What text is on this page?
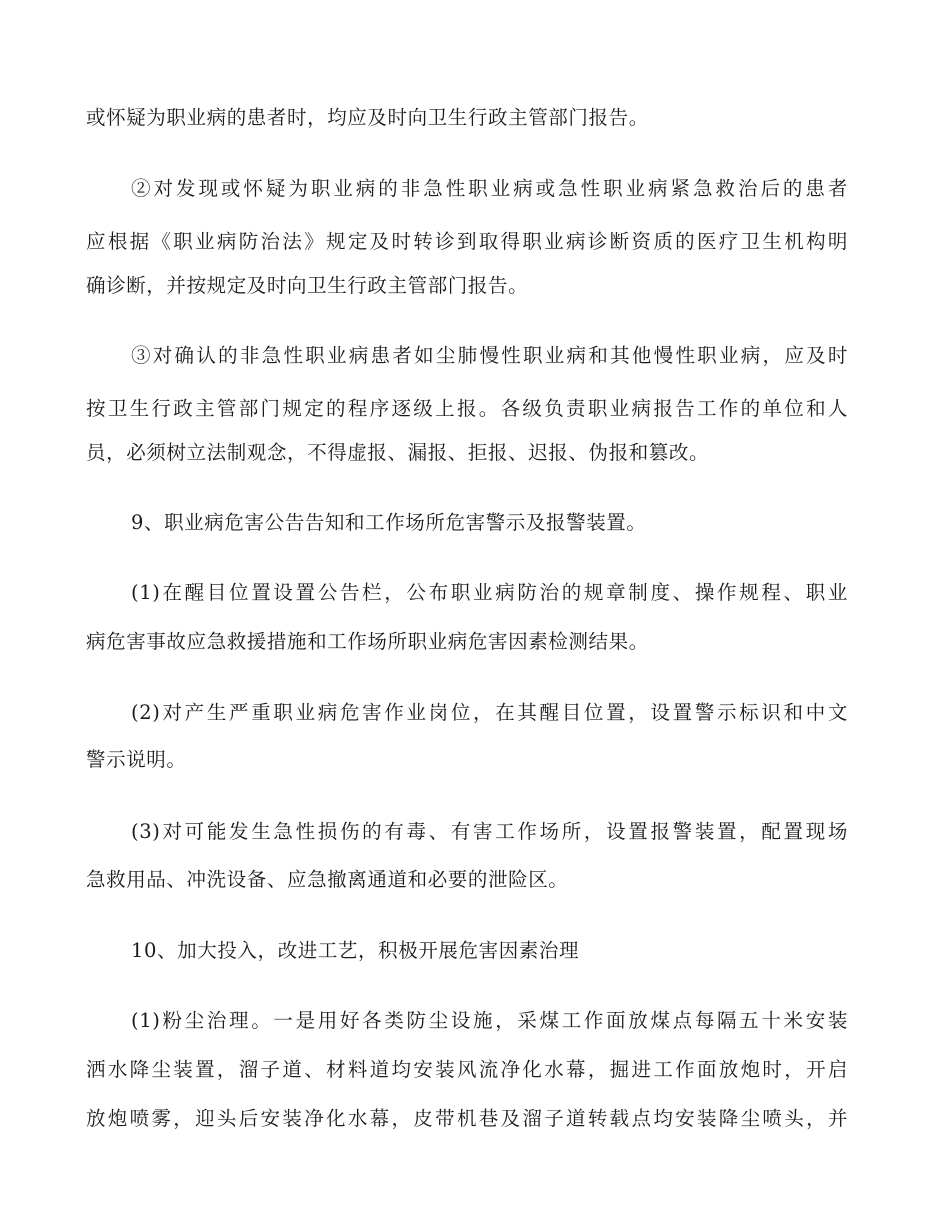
或怀疑为职业病的患者时，均应及时向卫生行政主管部门报告。
②对发现或怀疑为职业病的非急性职业病或急性职业病紧急救治后的患者
应根据《职业病防治法》规定及时转诊到取得职业病诊断资质的医疗卫生机构明
确诊断，并按规定及时向卫生行政主管部门报告。
③对确认的非急性职业病患者如尘肺慢性职业病和其他慢性职业病，应及时
按卫生行政主管部门规定的程序逐级上报。各级负责职业病报告工作的单位和人
员，必须树立法制观念，不得虚报、漏报、拒报、迟报、伪报和篡改。
9、职业病危害公告告知和工作场所危害警示及报警装置。
(1)在醒目位置设置公告栏，公布职业病防治的规章制度、操作规程、职业
病危害事故应急救援措施和工作场所职业病危害因素检测结果。
(2)对产生严重职业病危害作业岗位，在其醒目位置，设置警示标识和中文
警示说明。
(3)对可能发生急性损伤的有毒、有害工作场所，设置报警装置，配置现场
急救用品、冲洗设备、应急撤离通道和必要的泄险区。
10、加大投入，改进工艺，积极开展危害因素治理
(1)粉尘治理。一是用好各类防尘设施，采煤工作面放煤点每隔五十米安装
洒水降尘装置，溜子道、材料道均安装风流净化水幕，掘进工作面放炮时，开启
放炮喷雾，迎头后安装净化水幕，皮带机巷及溜子道转载点均安装降尘喷头，并
